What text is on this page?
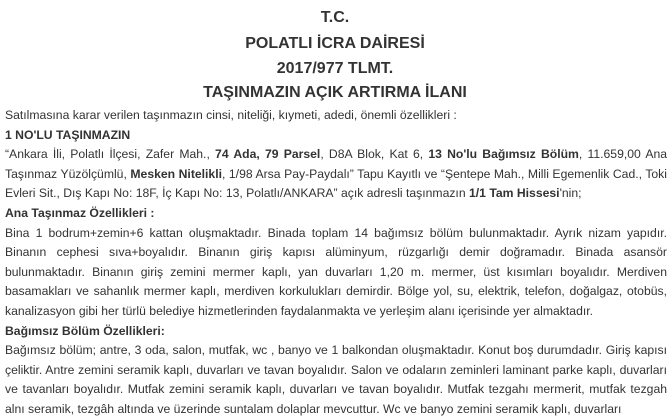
T.C.
POLATLI İCRA DAİRESİ
2017/977 TLMT.
TAŞINMAZIN AÇIK ARTIRMA İLANI

Satılmasına karar verilen taşınmazın cinsi, niteliği, kıymeti, adedi, önemli özellikleri :

1 NO'LU TAŞINMAZIN

“Ankara İli, Polatlı İlçesi, Zafer Mah., 74 Ada, 79 Parsel, D8A Blok, Kat 6, 13 No'lu Bağımsız Bölüm, 11.659,00 Ana Taşınmaz Yüzölçümlü, Mesken Nitelikli, 1/98 Arsa Pay-Paydalı” Tapu Kayıtlı ve “Şentepe Mah., Milli Egemenlik Cad., Toki Evleri Sit., Dış Kapı No: 18F, İç Kapı No: 13, Polatlı/ANKARA” açık adresli taşınmazın 1/1 Tam Hissesi'nin;

Ana Taşınmaz Özellikleri :

Bina 1 bodrum+zemin+6 kattan oluşmaktadır. Binada toplam 14 bağımsız bölüm bulunmaktadır. Ayrık nizam yapıdır. Binanın cephesi sıva+boyalıdır. Binanın giriş kapısı alüminyum, rüzgarlığı demir doğramadır. Binada asansör bulunmaktadır. Binanın giriş zemini mermer kaplı, yan duvarları 1,20 m. mermer, üst kısımları boyalıdır. Merdiven basamakları ve sahanlık mermer kaplı, merdiven korkulukları demirdir. Bölge yol, su, elektrik, telefon, doğalgaz, otobüs, kanalizasyon gibi her türlü belediye hizmetlerinden faydalanmakta ve yerleşim alanı içerisinde yer almaktadır.

Bağımsız Bölüm Özellikleri:

Bağımsız bölüm; antre, 3 oda, salon, mutfak, wc , banyo ve 1 balkondan oluşmaktadır. Konut boş durumdadır. Giriş kapısı çeliktir. Antre zemini seramik kaplı, duvarları ve tavan boyalıdır. Salon ve odaların zeminleri laminant parke kaplı, duvarları ve tavanları boyalıdır. Mutfak zemini seramik kaplı, duvarları ve tavan boyalıdır. Mutfak tezgahı mermerit, mutfak tezgah alnı seramik, tezgâh altında ve üzerinde suntalam dolaplar mevcuttur. Wc ve banyo zemini seramik kaplı, duvarları
